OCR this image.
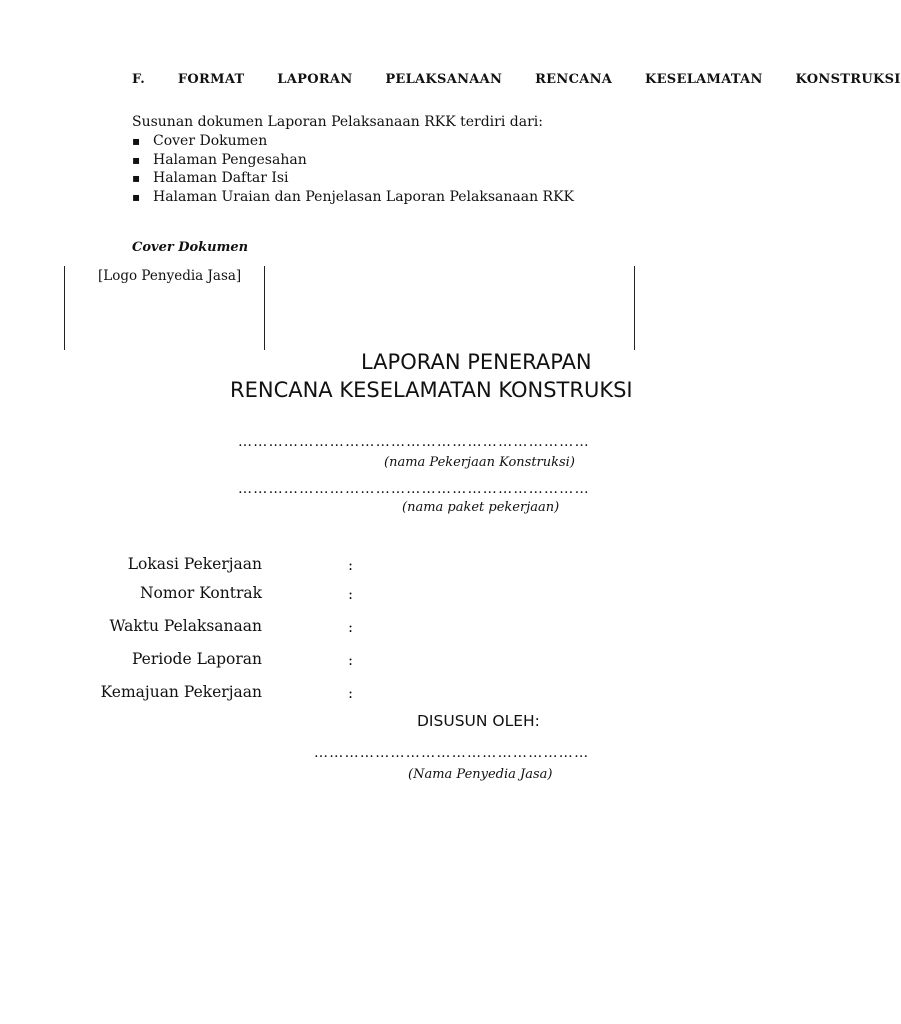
F. FORMAT LAPORAN PELAKSANAAN RENCANA KESELAMATAN KONSTRUKSI
Susunan dokumen Laporan Pelaksanaan RKK terdiri dari:
▪ Cover Dokumen
▪ Halaman Pengesahan
▪ Halaman Daftar Isi
▪ Halaman Uraian dan Penjelasan Laporan Pelaksanaan RKK
Cover Dokumen
[Logo Penyedia Jasa]
LAPORAN PENERAPAN
RENCANA KESELAMATAN KONSTRUKSI
……………………………………………………………
(nama Pekerjaan Konstruksi)
……………………………………………………………
(nama paket pekerjaan)
Lokasi Pekerjaan	:
Nomor Kontrak	:
Waktu Pelaksanaan	:
Periode Laporan	:
Kemajuan Pekerjaan	:
DISUSUN OLEH:
………………………………………………
(Nama Penyedia Jasa)
